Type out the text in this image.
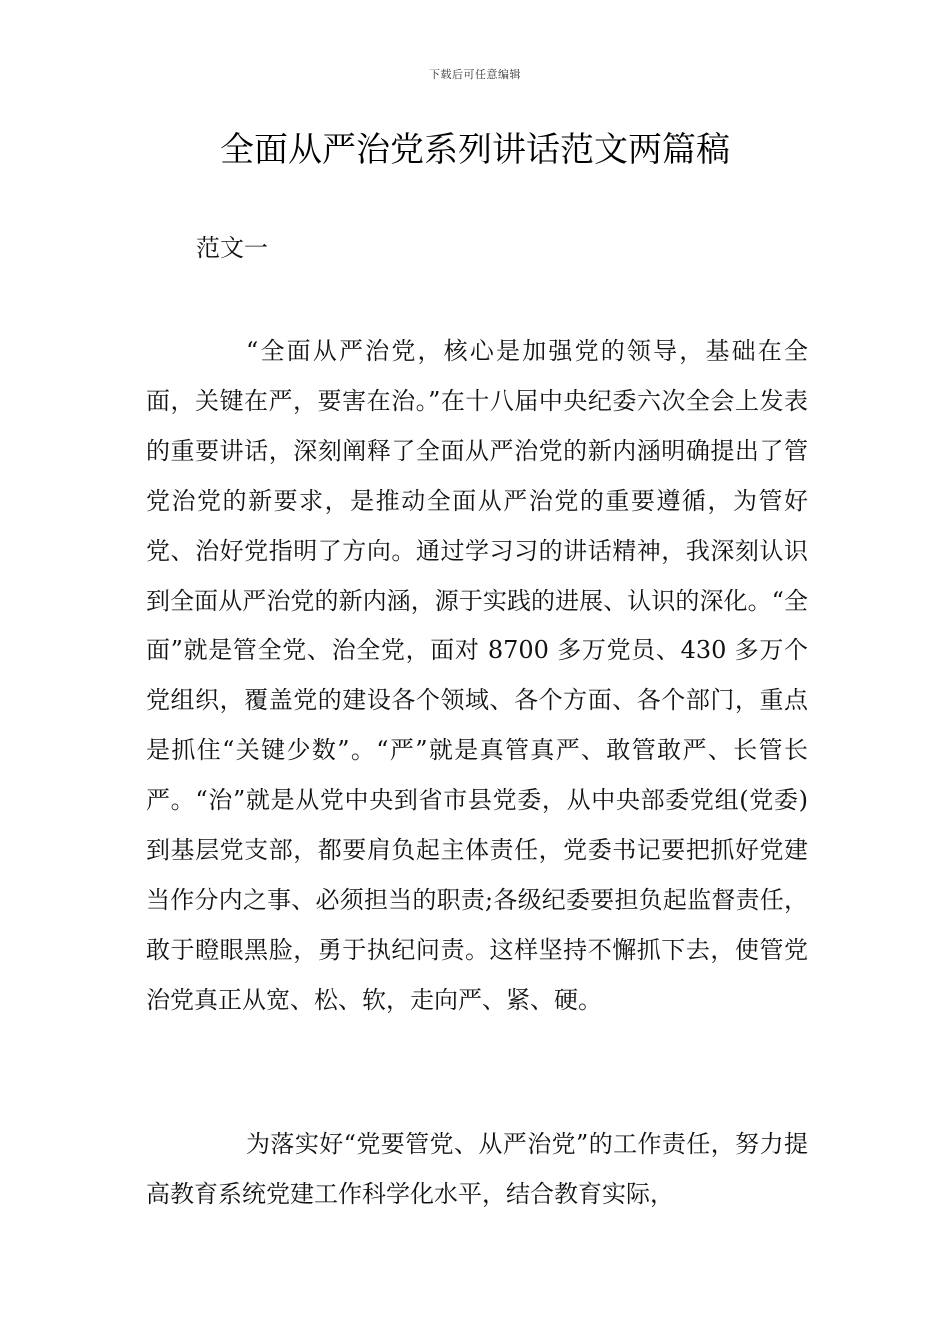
下载后可任意编辑
全面从严治党系列讲话范文两篇稿

范文一

“全面从严治党，核心是加强党的领导，基础在全面，关键在严，要害在治。”在十八届中央纪委六次全会上发表的重要讲话，深刻阐释了全面从严治党的新内涵明确提出了管党治党的新要求，是推动全面从严治党的重要遵循，为管好党、治好党指明了方向。通过学习习的讲话精神，我深刻认识到全面从严治党的新内涵，源于实践的进展、认识的深化。“全面”就是管全党、治全党，面对 8700 多万党员、430 多万个党组织，覆盖党的建设各个领域、各个方面、各个部门，重点是抓住“关键少数”。“严”就是真管真严、敢管敢严、长管长严。“治”就是从党中央到省市县党委，从中央部委党组(党委)到基层党支部，都要肩负起主体责任，党委书记要把抓好党建当作分内之事、必须担当的职责;各级纪委要担负起监督责任，敢于瞪眼黑脸，勇于执纪问责。这样坚持不懈抓下去，使管党治党真正从宽、松、软，走向严、紧、硬。

为落实好“党要管党、从严治党”的工作责任，努力提高教育系统党建工作科学化水平，结合教育实际，
